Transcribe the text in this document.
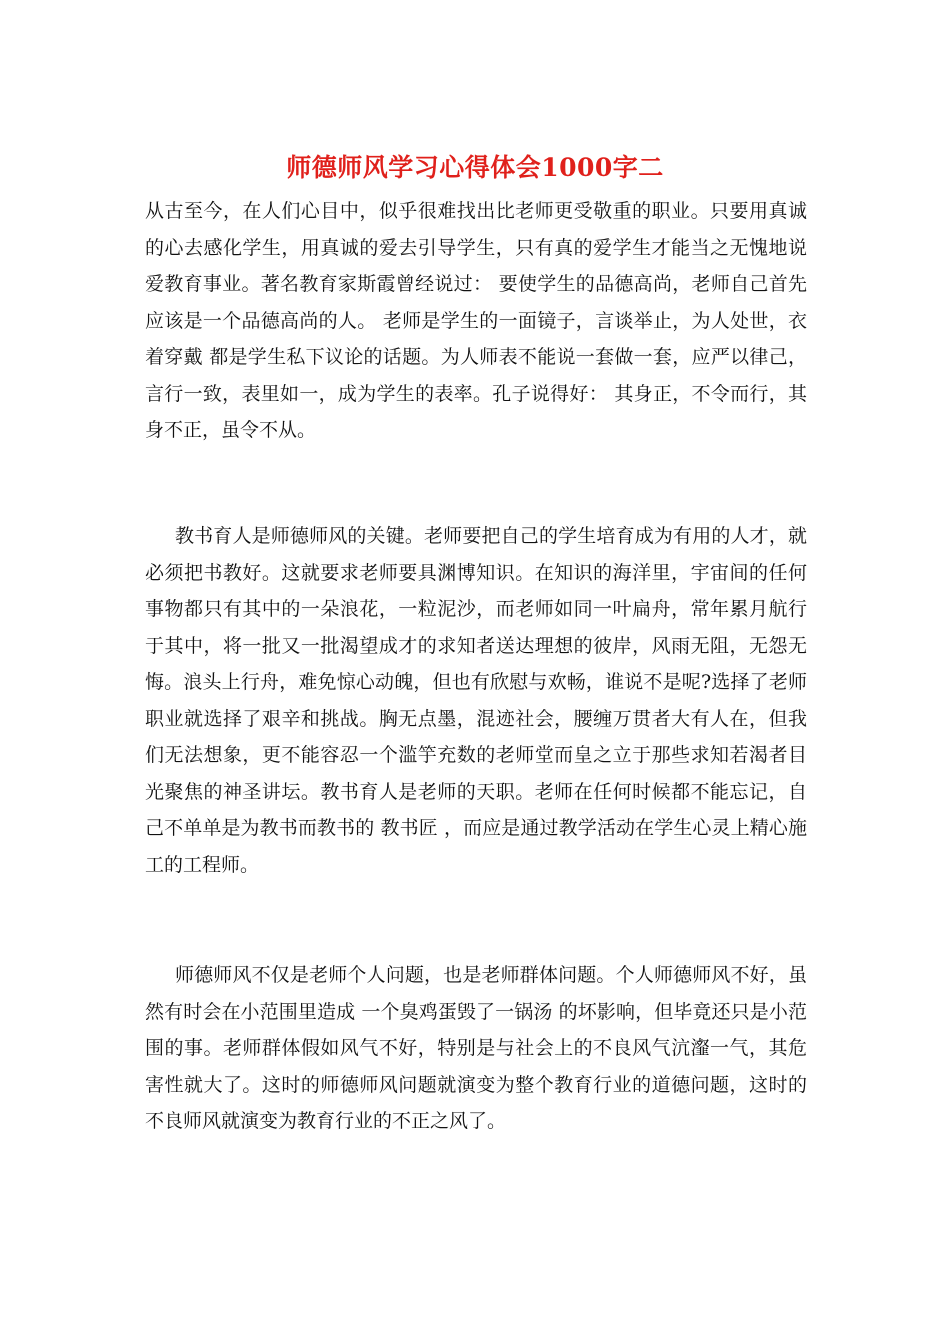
师德师风学习心得体会1000字二

从古至今，在人们心目中，似乎很难找出比老师更受敬重的职业。只要用真诚的心去感化学生，用真诚的爱去引导学生，只有真的爱学生才能当之无愧地说爱教育事业。著名教育家斯霞曾经说过： 要使学生的品德高尚，老师自己首先应该是一个品德高尚的人。 老师是学生的一面镜子，言谈举止，为人处世，衣着穿戴 都是学生私下议论的话题。为人师表不能说一套做一套，应严以律己，言行一致，表里如一，成为学生的表率。孔子说得好： 其身正，不令而行，其身不正，虽令不从。

教书育人是师德师风的关键。老师要把自己的学生培育成为有用的人才，就必须把书教好。这就要求老师要具渊博知识。在知识的海洋里，宇宙间的任何事物都只有其中的一朵浪花，一粒泥沙，而老师如同一叶扁舟，常年累月航行于其中，将一批又一批渴望成才的求知者送达理想的彼岸，风雨无阻，无怨无悔。浪头上行舟，难免惊心动魄，但也有欣慰与欢畅，谁说不是呢?选择了老师职业就选择了艰辛和挑战。胸无点墨，混迹社会，腰缠万贯者大有人在，但我们无法想象，更不能容忍一个滥竽充数的老师堂而皇之立于那些求知若渴者目光聚焦的神圣讲坛。教书育人是老师的天职。老师在任何时候都不能忘记，自己不单单是为教书而教书的 教书匠 ，而应是通过教学活动在学生心灵上精心施工的工程师。

师德师风不仅是老师个人问题，也是老师群体问题。个人师德师风不好，虽然有时会在小范围里造成 一个臭鸡蛋毁了一锅汤 的坏影响，但毕竟还只是小范围的事。老师群体假如风气不好，特别是与社会上的不良风气沆瀣一气，其危害性就大了。这时的师德师风问题就演变为整个教育行业的道德问题，这时的不良师风就演变为教育行业的不正之风了。
